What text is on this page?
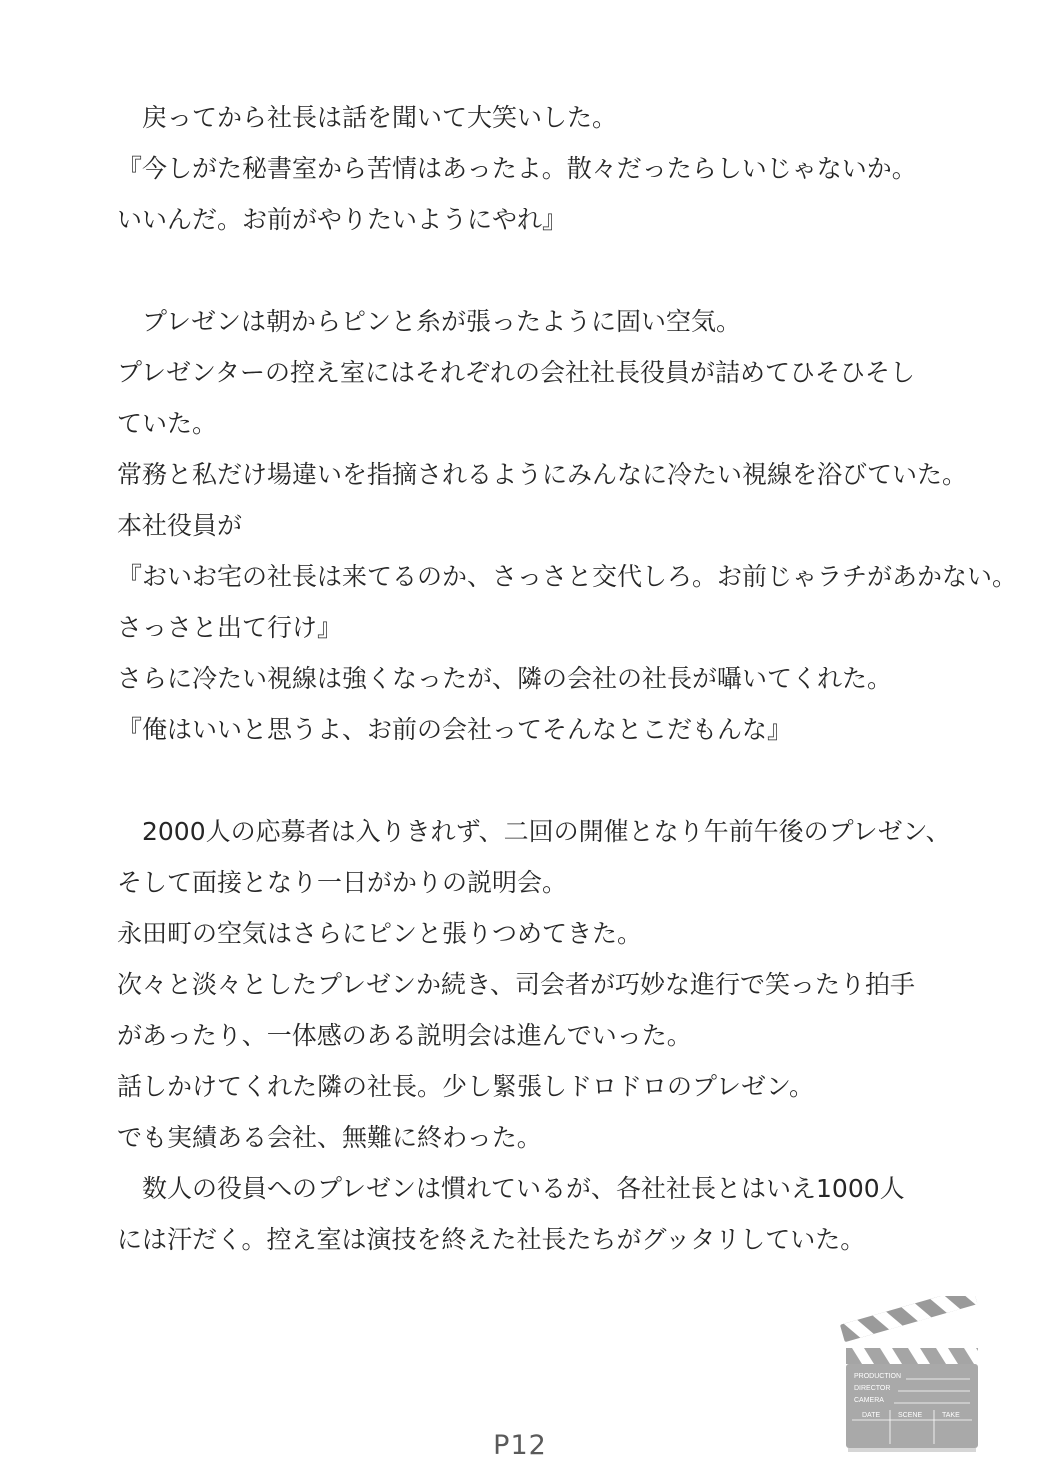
　戻ってから社長は話を聞いて大笑いした。
『今しがた秘書室から苦情はあったよ。散々だったらしいじゃないか。
いいんだ。お前がやりたいようにやれ』
　プレゼンは朝からピンと糸が張ったように固い空気。
プレゼンターの控え室にはそれぞれの会社社長役員が詰めてひそひそし
ていた。
常務と私だけ場違いを指摘されるようにみんなに冷たい視線を浴びていた。
本社役員が
『おいお宅の社長は来てるのか、さっさと交代しろ。お前じゃラチがあかない。
さっさと出て行け』
さらに冷たい視線は強くなったが、隣の会社の社長が囁いてくれた。
『俺はいいと思うよ、お前の会社ってそんなとこだもんな』
　2000人の応募者は入りきれず、二回の開催となり午前午後のプレゼン、
そして面接となり一日がかりの説明会。
永田町の空気はさらにピンと張りつめてきた。
次々と淡々としたプレゼンか続き、司会者が巧妙な進行で笑ったり拍手
があったり、一体感のある説明会は進んでいった。
話しかけてくれた隣の社長。少し緊張しドロドロのプレゼン。
でも実績ある会社、無難に終わった。
　数人の役員へのプレゼンは慣れているが、各社社長とはいえ1000人
には汗だく。控え室は演技を終えた社長たちがグッタリしていた。
PRODUCTION
DIRECTOR
CAMERA
DATE	SCENE	TAKE
P12
